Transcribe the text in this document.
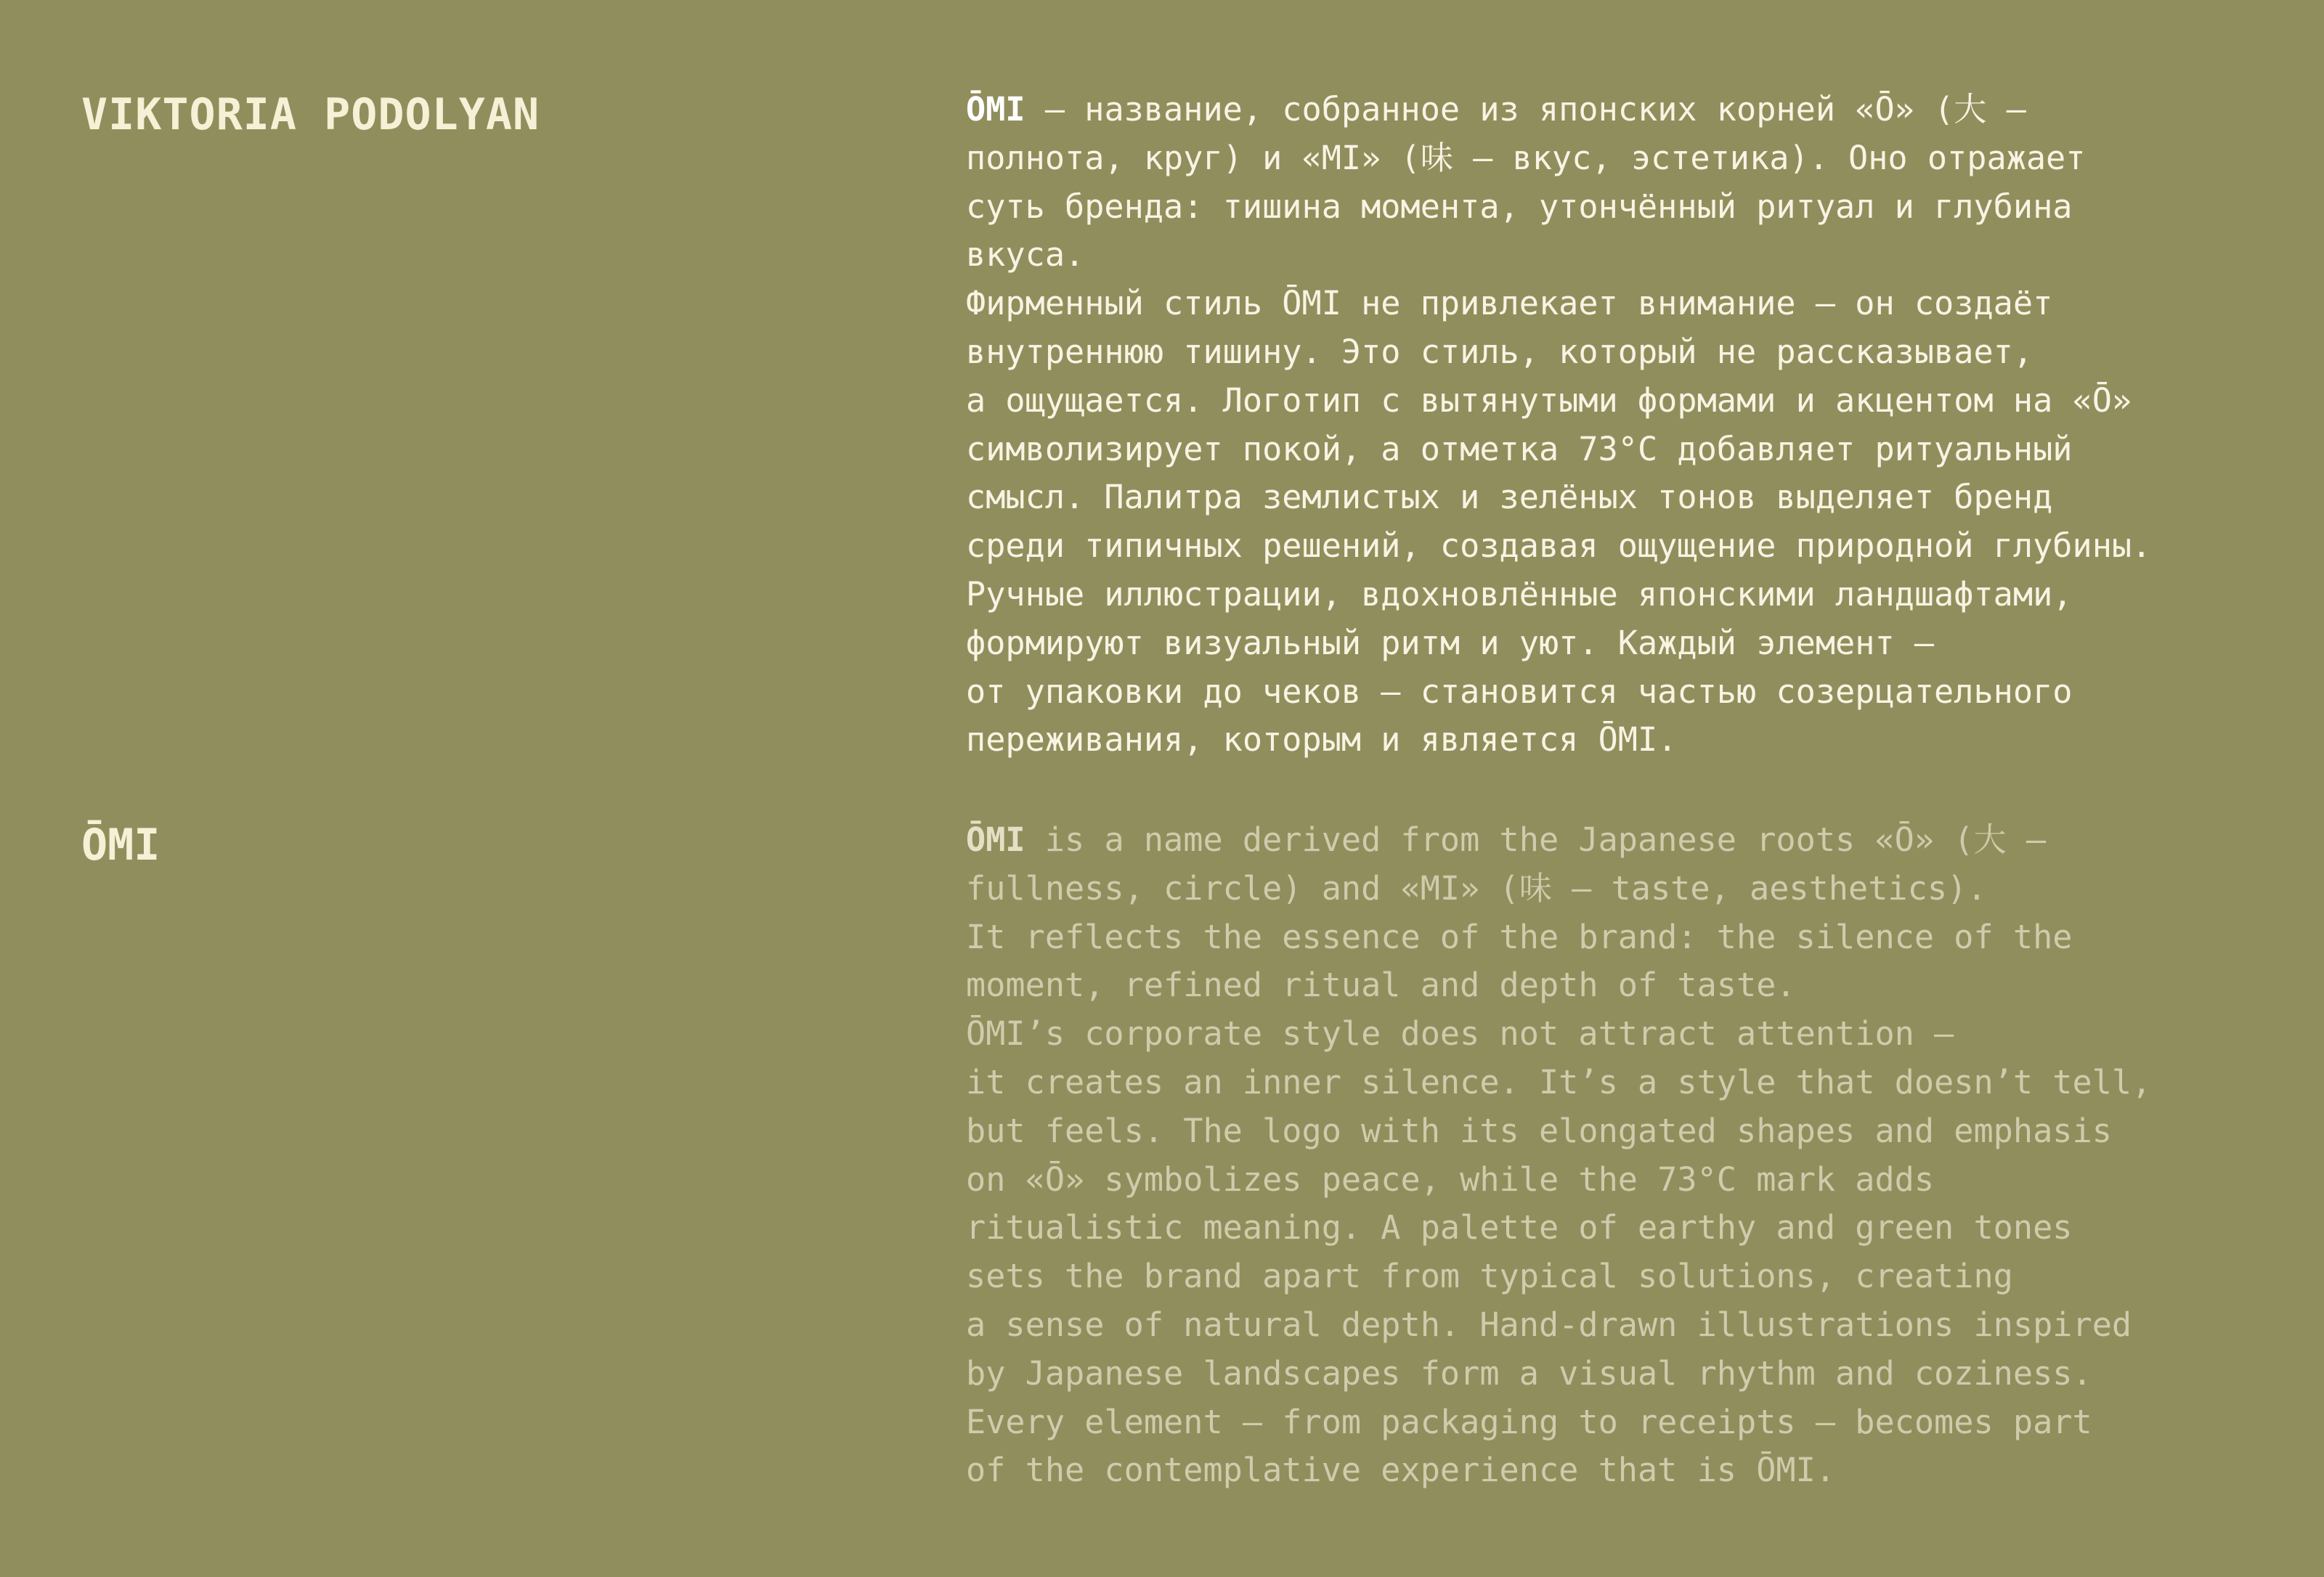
VIKTORIA PODOLYAN
ŌMI
ŌMI — название, собранное из японских корней «Ō» (大 —
полнота, круг) и «MI» (味 — вкус, эстетика). Оно отражает
суть бренда: тишина момента, утончённый ритуал и глубина
вкуса.
Фирменный стиль ŌMI не привлекает внимание — он создаёт
внутреннюю тишину. Это стиль, который не рассказывает,
а ощущается. Логотип с вытянутыми формами и акцентом на «Ō»
символизирует покой, а отметка 73°С добавляет ритуальный
смысл. Палитра землистых и зелёных тонов выделяет бренд
среди типичных решений, создавая ощущение природной глубины.
Ручные иллюстрации, вдохновлённые японскими ландшафтами,
формируют визуальный ритм и уют. Каждый элемент —
от упаковки до чеков — становится частью созерцательного
переживания, которым и является ŌMI.
ŌMI is a name derived from the Japanese roots «Ō» (大 —
fullness, circle) and «MI» (味 — taste, aesthetics).
It reflects the essence of the brand: the silence of the
moment, refined ritual and depth of taste.
ŌMI’s corporate style does not attract attention —
it creates an inner silence. It’s a style that doesn’t tell,
but feels. The logo with its elongated shapes and emphasis
on «Ō» symbolizes peace, while the 73°C mark adds
ritualistic meaning. A palette of earthy and green tones
sets the brand apart from typical solutions, creating
a sense of natural depth. Hand-drawn illustrations inspired
by Japanese landscapes form a visual rhythm and coziness.
Every element — from packaging to receipts — becomes part
of the contemplative experience that is ŌMI.
